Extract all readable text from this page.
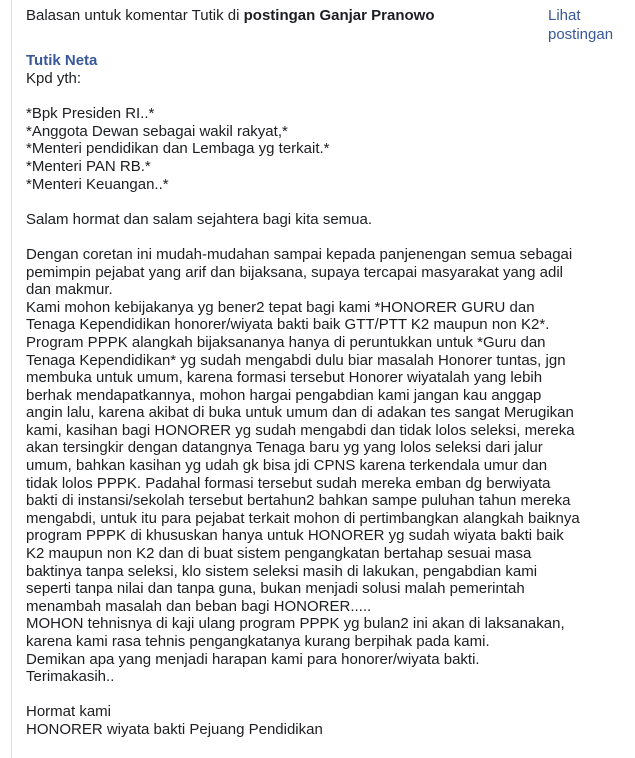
Balasan untuk komentar Tutik di postingan Ganjar Pranowo	Lihat
postingan
Tutik Neta

Kpd yth:

*Bpk Presiden RI..*
*Anggota Dewan sebagai wakil rakyat,*
*Menteri pendidikan dan Lembaga yg terkait.*
*Menteri PAN RB.*
*Menteri Keuangan..*

Salam hormat dan salam sejahtera bagi kita semua.

Dengan coretan ini mudah-mudahan sampai kepada panjenengan semua sebagai
pemimpin pejabat yang arif dan bijaksana, supaya tercapai masyarakat yang adil
dan makmur.
Kami mohon kebijakanya yg bener2 tepat bagi kami *HONORER GURU dan
Tenaga Kependidikan honorer/wiyata bakti baik GTT/PTT K2 maupun non K2*.
Program PPPK alangkah bijaksananya hanya di peruntukkan untuk *Guru dan
Tenaga Kependidikan* yg sudah mengabdi dulu biar masalah Honorer tuntas, jgn
membuka untuk umum, karena formasi tersebut Honorer wiyatalah yang lebih
berhak mendapatkannya, mohon hargai pengabdian kami jangan kau anggap
angin lalu, karena akibat di buka untuk umum dan di adakan tes sangat Merugikan
kami, kasihan bagi HONORER yg sudah mengabdi dan tidak lolos seleksi, mereka
akan tersingkir dengan datangnya Tenaga baru yg yang lolos seleksi dari jalur
umum, bahkan kasihan yg udah gk bisa jdi CPNS karena terkendala umur dan
tidak lolos PPPK. Padahal formasi tersebut sudah mereka emban dg berwiyata
bakti di instansi/sekolah tersebut bertahun2 bahkan sampe puluhan tahun mereka
mengabdi, untuk itu para pejabat terkait mohon di pertimbangkan alangkah baiknya
program PPPK di khususkan hanya untuk HONORER yg sudah wiyata bakti baik
K2 maupun non K2 dan di buat sistem pengangkatan bertahap sesuai masa
baktinya tanpa seleksi, klo sistem seleksi masih di lakukan, pengabdian kami
seperti tanpa nilai dan tanpa guna, bukan menjadi solusi malah pemerintah
menambah masalah dan beban bagi HONORER.....
MOHON tehnisnya di kaji ulang program PPPK yg bulan2 ini akan di laksanakan,
karena kami rasa tehnis pengangkatanya kurang berpihak pada kami.
Demikan apa yang menjadi harapan kami para honorer/wiyata bakti.
Terimakasih..

Hormat kami
HONORER wiyata bakti Pejuang Pendidikan
